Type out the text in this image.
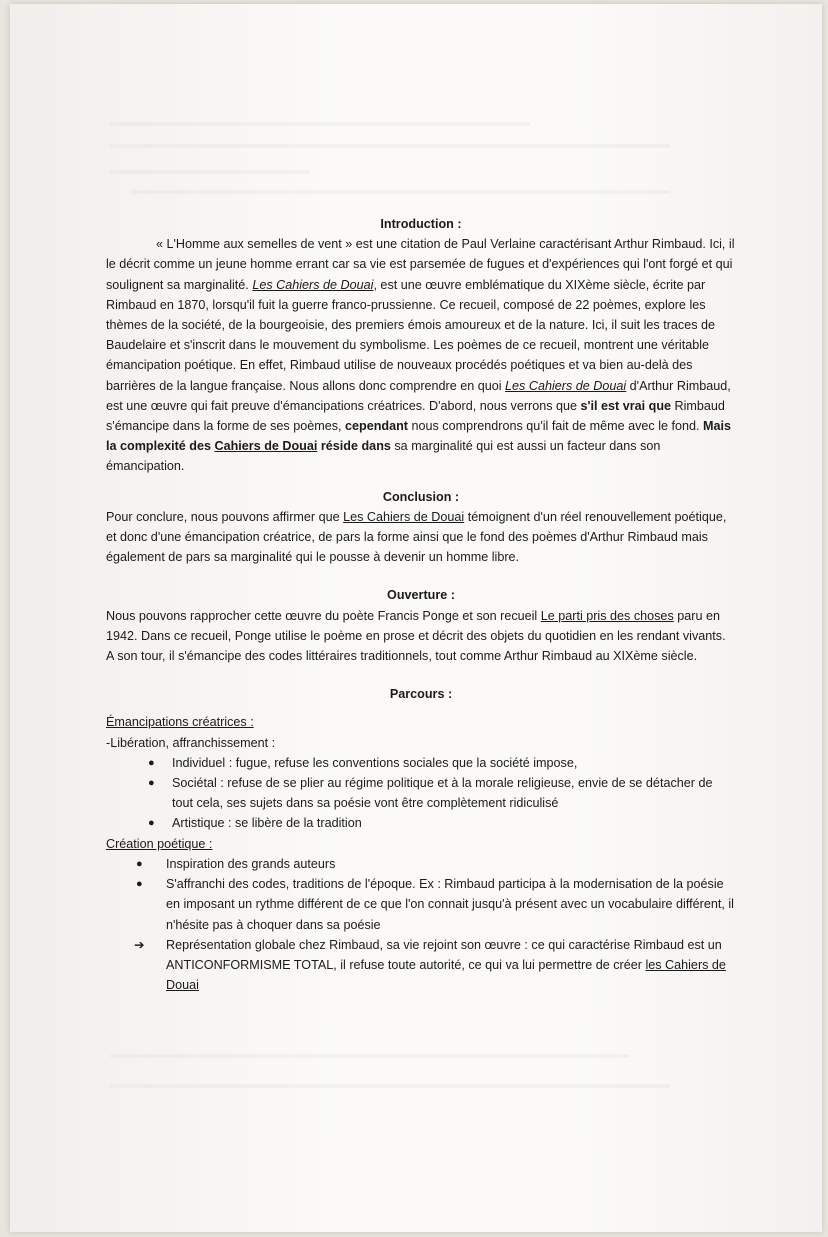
Introduction :

« L'Homme aux semelles de vent » est une citation de Paul Verlaine caractérisant Arthur Rimbaud. Ici, il le décrit comme un jeune homme errant car sa vie est parsemée de fugues et d'expériences qui l'ont forgé et qui soulignent sa marginalité. Les Cahiers de Douai, est une œuvre emblématique du XIXème siècle, écrite par Rimbaud en 1870, lorsqu'il fuit la guerre franco-prussienne. Ce recueil, composé de 22 poèmes, explore les thèmes de la société, de la bourgeoisie, des premiers émois amoureux et de la nature. Ici, il suit les traces de Baudelaire et s'inscrit dans le mouvement du symbolisme. Les poèmes de ce recueil, montrent une véritable émancipation poétique. En effet, Rimbaud utilise de nouveaux procédés poétiques et va bien au-delà des barrières de la langue française. Nous allons donc comprendre en quoi Les Cahiers de Douai d'Arthur Rimbaud, est une œuvre qui fait preuve d'émancipations créatrices. D'abord, nous verrons que s'il est vrai que Rimbaud s'émancipe dans la forme de ses poèmes, cependant nous comprendrons qu'il fait de même avec le fond. Mais la complexité des Cahiers de Douai réside dans sa marginalité qui est aussi un facteur dans son émancipation.

Conclusion :

Pour conclure, nous pouvons affirmer que Les Cahiers de Douai témoignent d'un réel renouvellement poétique, et donc d'une émancipation créatrice, de pars la forme ainsi que le fond des poèmes d'Arthur Rimbaud mais également de pars sa marginalité qui le pousse à devenir un homme libre.

Ouverture :

Nous pouvons rapprocher cette œuvre du poète Francis Ponge et son recueil Le parti pris des choses paru en 1942. Dans ce recueil, Ponge utilise le poème en prose et décrit des objets du quotidien en les rendant vivants. A son tour, il s'émancipe des codes littéraires traditionnels, tout comme Arthur Rimbaud au XIXème siècle.

Parcours :

Émancipations créatrices :

-Libération, affranchissement :

● Individuel : fugue, refuse les conventions sociales que la société impose,
● Sociétal : refuse de se plier au régime politique et à la morale religieuse, envie de se détacher de tout cela, ses sujets dans sa poésie vont être complètement ridiculisé
● Artistique : se libère de la tradition

Création poétique :

● Inspiration des grands auteurs
● S'affranchi des codes, traditions de l'époque. Ex : Rimbaud participa à la modernisation de la poésie en imposant un rythme différent de ce que l'on connait jusqu'à présent avec un vocabulaire différent, il n'hésite pas à choquer dans sa poésie
➔ Représentation globale chez Rimbaud, sa vie rejoint son œuvre : ce qui caractérise Rimbaud est un ANTICONFORMISME TOTAL, il refuse toute autorité, ce qui va lui permettre de créer les Cahiers de Douai
